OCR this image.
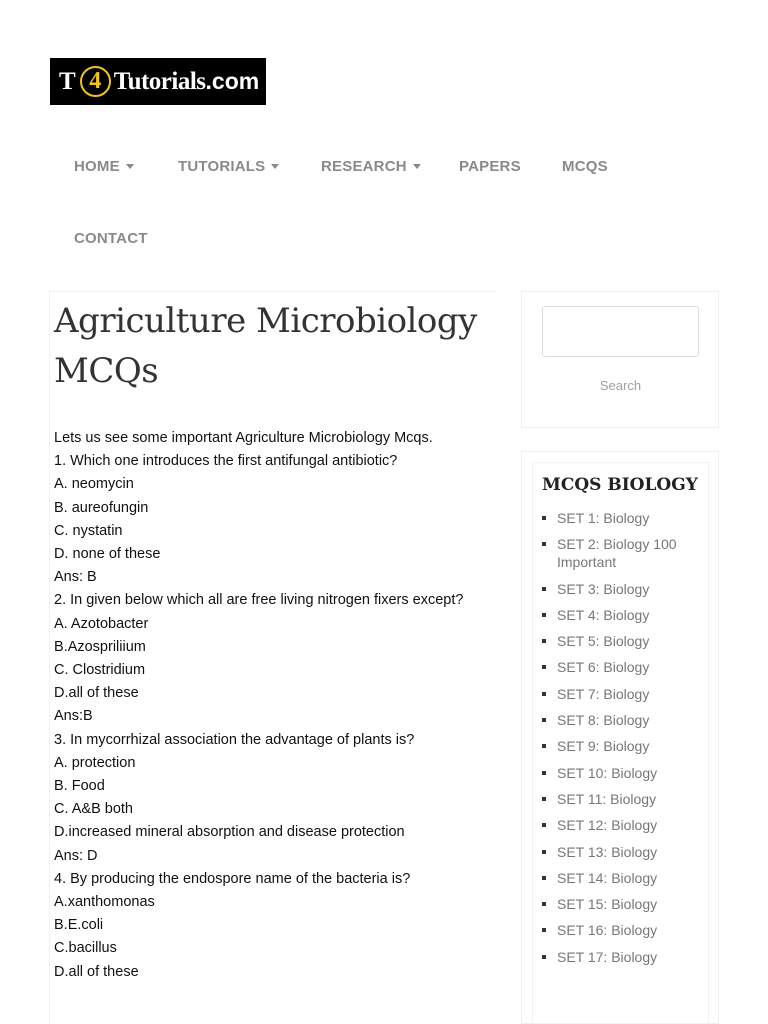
T 4 Tutorials .com
HOME	TUTORIALS	RESEARCH	PAPERS	MCQS
CONTACT
Agriculture Microbiology MCQs
Lets us see some important Agriculture Microbiology Mcqs.
1. Which one introduces the first antifungal antibiotic?
A. neomycin
B. aureofungin
C. nystatin
D. none of these
Ans: B
2. In given below which all are free living nitrogen fixers except?
A. Azotobacter
B.Azospriliium
C. Clostridium
D.all of these
Ans:B
3. In mycorrhizal association the advantage of plants is?
A. protection
B. Food
C. A&B both
D.increased mineral absorption and disease protection
Ans: D
4. By producing the endospore name of the bacteria is?
A.xanthomonas
B.E.coli
C.bacillus
D.all of these
Search
MCQS BIOLOGY
SET 1: Biology
SET 2: Biology 100 Important
SET 3: Biology
SET 4: Biology
SET 5: Biology
SET 6: Biology
SET 7: Biology
SET 8: Biology
SET 9: Biology
SET 10: Biology
SET 11: Biology
SET 12: Biology
SET 13: Biology
SET 14: Biology
SET 15: Biology
SET 16: Biology
SET 17: Biology
